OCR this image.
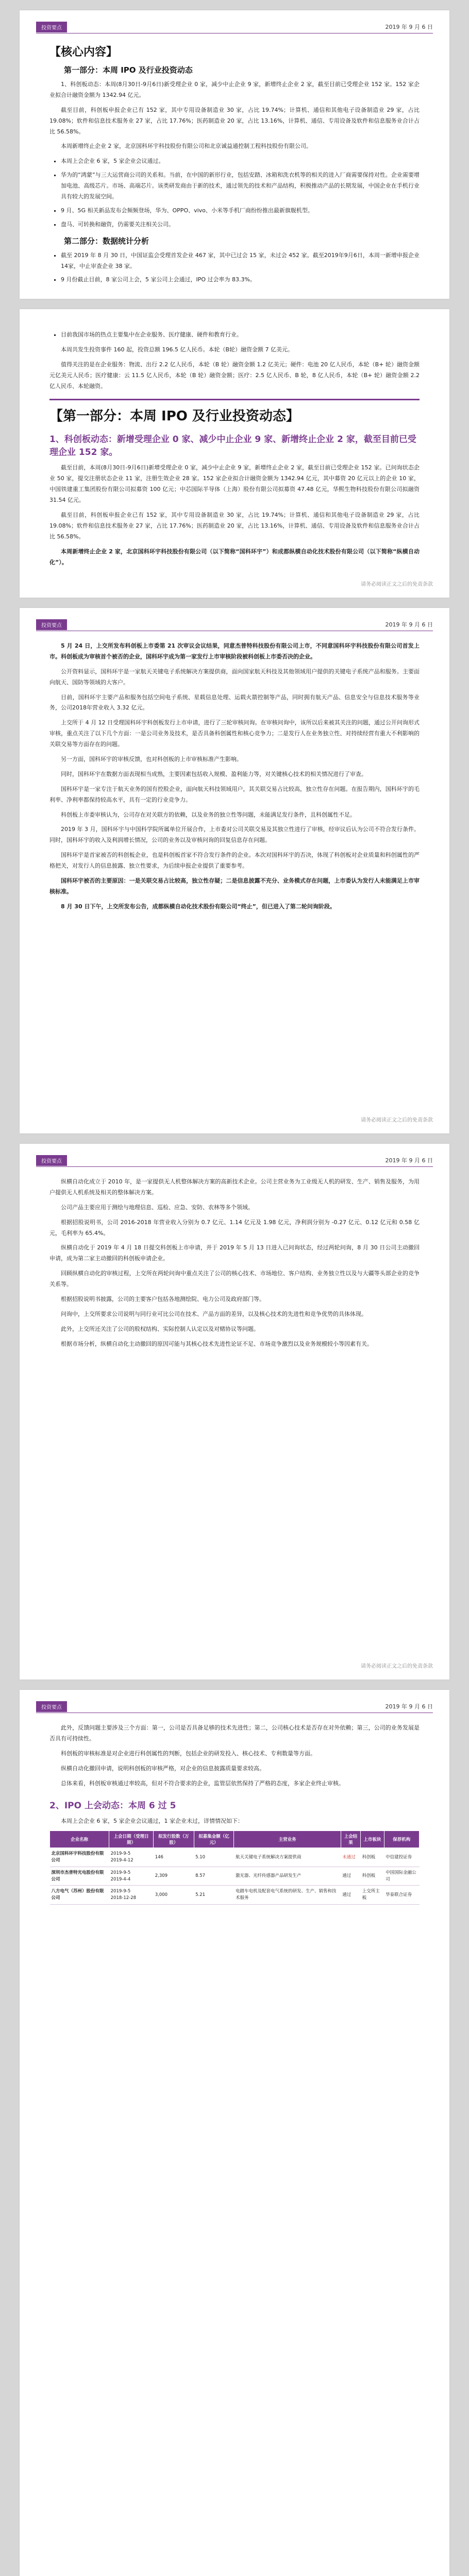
投资要点	2019 年 9 月 6 日
【核心内容】
第一部分：本周 IPO 及行业投资动态

1、科创板动态：本周(8月30日-9月6日)新受理企业 0 家，减少中止企业 9 家，新增终止企业 2 家，截至目前已受理企业 152 家。152 家企业拟合计融资金额为 1342.94 亿元。

截至目前，科创板申报企业已有 152 家，其中专用设备制造业 30 家，占比 19.74%；计算机、通信和其他电子设备制造业 29 家，占比 19.08%；软件和信息技术服务业 27 家，占比 17.76%；医药制造业 20 家，占比 13.16%，计算机、通信、专用设备及软件和信息服务业合计占比 56.58%。

本周新增终止企业 2 家，北京国科环宇科技股份有限公司和北京诚益通控制工程科技股份有限公司。

▪ 本周上会企业 6 家，5 家企业会议通过。
▪ 华为的“鸿蒙”与三大运营商公司的关系和。当前，在中国的新形行业，包括安踏、冰箱和洗衣机等的相关的进入厂商需要保持对性。企业需要增加电池、高级芯片。市场、高端芯片。该类研发商由于新的技术，通过领先的技术和产品结构，积极推动产品的长期发展，中国企业在手机行业具有较大的发展空间。
▪ 9 月、5G 相关新品发布会频频登场，华为、OPPO、vivo、小米等手机厂商纷纷推出最新旗舰机型。
▪ 盘马、可转换和融资，仍需要关注相关公司。
第二部分：数据统计分析
▪ 截至 2019 年 8 月 30 日，中国证监会受理首发企业 467 家，其中已过会 15 家，未过会 452 家。截至2019年9月6日，本周一新增申报企业 14家，中止审查企业 38 家。
▪ 9 月份截止目前，8 家公司上会，5 家公司上会通过，IPO 过会率为 83.3%。
▪ 目前我国市场的热点主要集中在企业服务、医疗健康、硬件和教育行业。

本周共发生投资事件 160 起，投资总额 196.5 亿人民币。本轮（B轮）融资金额 7 亿美元。

值得关注的是在企业服务：物流、出行 2.2 亿人民币，本轮（B 轮）融资金额 1.2 亿美元；硬件：电池 20 亿人民币，本轮（B+ 轮）融资金额元亿美元人民币；医疗健康：云 11.5 亿人民币，本轮（B 轮）融资金额；医疗：2.5 亿人民币、B 轮，8 亿人民币，本轮（B+ 轮）融资金额 2.2 亿人民币、本轮融资。

【第一部分：本周 IPO 及行业投资动态】
1、科创板动态：新增受理企业 0 家、减少中止企业 9 家、新增终止企业 2 家，截至目前已受理企业 152 家。

截至目前，本周(8月30日-9月6日)新增受理企业 0 家，减少中止企业 9 家，新增终止企业 2 家，截至目前已受理企业 152 家。已问询状态企业 50 家，提交注册状态企业 11 家，注册生效企业 28 家。152 家企业拟合计融资金额为 1342.94 亿元，其中募资 20 亿元以上的企业 10 家，中国铁建重工集团股份有限公司拟募资 100 亿元；中芯国际半导体（上海）股份有限公司拟募资 47.48 亿元，华熙生物科技股份有限公司拟融资 31.54 亿元。

截至目前，科创板申报企业已有 152 家，其中专用设备制造业 30 家，占比 19.74%；计算机、通信和其他电子设备制造业 29 家，占比 19.08%；软件和信息技术服务业 27 家，占比 17.76%；医药制造业 20 家，占比 13.16%，计算机、通信、专用设备及软件和信息服务业合计占比 56.58%。

本周新增终止企业 2 家，北京国科环宇科技股份有限公司（以下简称“国科环宇”）和成都纵横自动化技术股份有限公司（以下简称“纵横自动化”）。

请务必阅读正文之后的免责条款
投资要点	2019 年 9 月 6 日

5 月 24 日，上交所发布科创板上市委第 21 次审议会议结果，同意杰普特科技股份有限公司上市，不同意国科环宇科技股份有限公司首发上市。科创板成为审核首个被否的企业，国科环宇成为第一家发行上市审核阶段被科创板上市委否决的企业。

公开资料显示，国科环宇是一家航天关键电子系统解决方案提供商，面向国家航天科技及其他领域用户提供的关键电子系统产品和服务。主要面向航天、国防等领域的大客户。

目前，国科环宇主要产品和服务包括空间电子系统、星载信息处理、运载火箭控制等产品，同时拥有航天产品、信息安全与信息技术服务等业务，公司2018年营业收入 3.32 亿元。

上交所于 4 月 12 日受理国科环宇科创板发行上市申请，进行了三轮审核问询。在审核问询中，该所以后来被其关注的问题，通过公开问询形式审核，重点关注了以下几个方面：一是公司业务及技术，是否具备科创属性和核心竞争力；二是发行人在业务独立性、对持续经营有重大不利影响的关联交易等方面存在的问题。

另一方面，国科环宇的审核反馈，也对科创板的上市审核标准产生影响。

同时，国科环宇在数据方面表现相当成熟，主要因素包括收入规模、盈利能力等，对关键核心技术的相关情况进行了审查。

国科环宇是一家专注于航天业务的国有控股企业，面向航天科技领域用户，其关联交易占比较高，独立性存在问题。在报告期内，国科环宇的毛利率、净利率都保持较高水平，具有一定的行业竞争力。

科创板上市委审核认为，公司存在对关联方的依赖，以及业务的独立性等问题，未能满足发行条件，且科创属性不足。

2019 年 3 月，国科环宇与中国科学院所属单位开展合作，上市委对公司关联交易及其独立性进行了审核，经审议后认为公司不符合发行条件。同时，国科环宇的收入及利润增长情况，公司的业务以及审核问询的回复信息存在问题。

国科环宇是首家被否的科创板企业，也是科创板首家不符合发行条件的企业。本次对国科环宇的否决，体现了科创板对企业质量和科创属性的严格把关，对发行人的信息披露、独立性要求，为后续申报企业提供了重要参考。

国科环宇被否的主要原因：一是关联交易占比较高，独立性存疑；二是信息披露不充分、业务模式存在问题，上市委认为发行人未能满足上市审核标准。

8 月 30 日下午，上交所发布公告，成都纵横自动化技术股份有限公司“终止”，但已进入了第二轮问询阶段。

请务必阅读正文之后的免责条款
投资要点	2019 年 9 月 6 日

纵横自动化成立于 2010 年，是一家提供无人机整体解决方案的高新技术企业。公司主营业务为工业级无人机的研发、生产、销售及服务，为用户提供无人机系统及相关的整体解决方案。

公司产品主要应用于测绘与地理信息、巡检、应急、安防、农林等多个领域。

根据招股说明书，公司 2016-2018 年营业收入分别为 0.7 亿元、1.14 亿元及 1.98 亿元，净利润分别为 -0.27 亿元、0.12 亿元和 0.58 亿元，毛利率为 65.4%。

纵横自动化于 2019 年 4 月 18 日提交科创板上市申请，并于 2019 年 5 月 13 日进入已问询状态，经过两轮问询，8 月 30 日公司主动撤回申请，成为第二家主动撤回的科创板申请企业。

回顾纵横自动化的审核过程，上交所在两轮问询中重点关注了公司的核心技术、市场地位、客户结构、业务独立性以及与大疆等头部企业的竞争关系等。

根据招股说明书披露，公司的主要客户包括各地测绘院、电力公司及政府部门等。

问询中，上交所要求公司说明与同行业可比公司在技术、产品方面的差异，以及核心技术的先进性和竞争优势的具体体现。

此外，上交所还关注了公司的股权结构、实际控制人认定以及对赌协议等问题。

根据市场分析，纵横自动化主动撤回的原因可能与其核心技术先进性论证不足、市场竞争激烈以及业务规模较小等因素有关。

请务必阅读正文之后的免责条款
投资要点	2019 年 9 月 6 日

此外，反馈问题主要涉及三个方面：第一，公司是否具备足够的技术先进性；第二，公司核心技术是否存在对外依赖；第三，公司的业务发展是否具有可持续性。

科创板的审核标准是对企业进行科创属性的判断，包括企业的研发投入、核心技术、专利数量等方面。

纵横自动化撤回申请，说明科创板的审核严格，对企业的信息披露质量要求较高。

总体来看，科创板审核通过率较高，但对不符合要求的企业，监管层依然保持了严格的态度，多家企业终止审核。

2、IPO 上会动态：本周 6 过 5
本周上会企业 6 家，5 家企业会议通过，1 家企业未过，详情情况如下：
企业名称	上会日期（受理日期）	拟发行股数（万股）	拟募集金额（亿元）	主营业务	上会结果	上市板块	保荐机构
北京国科环宇科技股份有限公司	2019-9-5
2019-4-12	146	5.10	航天关键电子系统解决方案提供商	未通过	科创板	中信建投证券
深圳市杰普特光电股份有限公司	2019-9-5
2019-4-4	2,309	8.57	激光器、光纤传感器产品研发生产	通过	科创板	中国国际金融公司
八方电气（苏州）股份有限公司	2019-9-5
2018-12-28	3,000	5.21	电踏车电机及配套电气系统的研发、生产、销售和技术服务	通过	上交所主板	华泰联合证券
